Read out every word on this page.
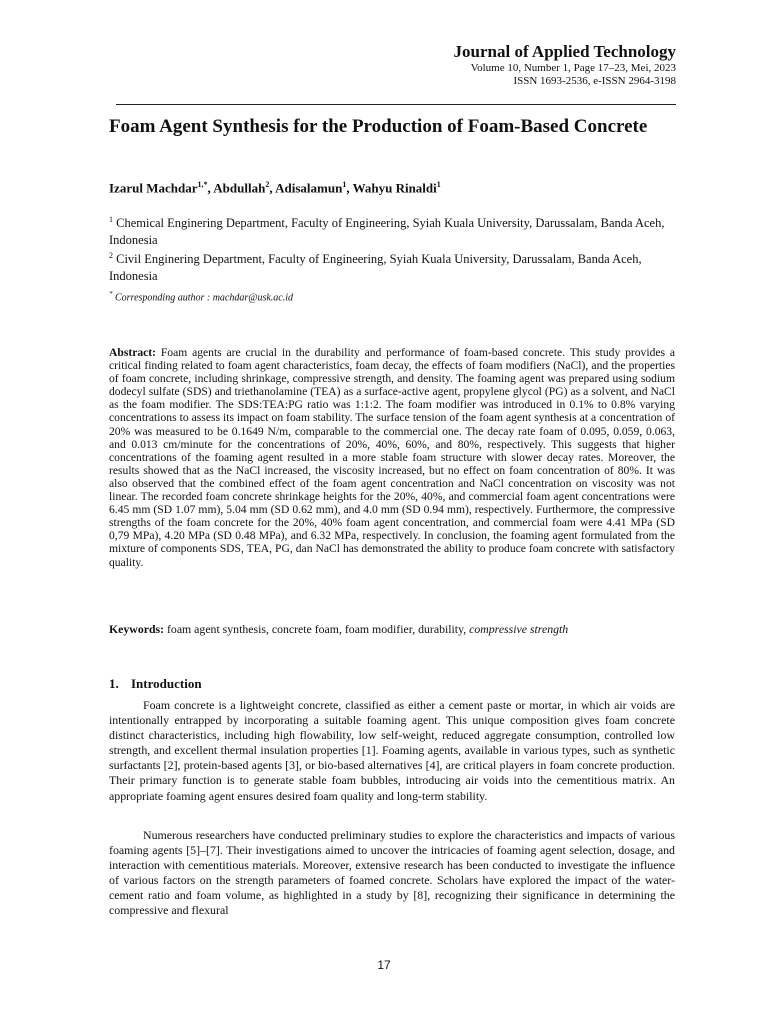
Journal of Applied Technology
Volume 10, Number 1, Page 17–23, Mei, 2023
ISSN 1693-2536, e-ISSN 2964-3198
Foam Agent Synthesis for the Production of Foam-Based Concrete
Izarul Machdar$^{1,*}$, Abdullah$^2$, Adisalamun$^1$, Wahyu Rinaldi$^1$
$^1$ Chemical Enginering Department, Faculty of Engineering, Syiah Kuala University, Darussalam, Banda Aceh, Indonesia
$^2$ Civil Enginering Department, Faculty of Engineering, Syiah Kuala University, Darussalam, Banda Aceh, Indonesia
* Corresponding author : machdar@usk.ac.id
Abstract: Foam agents are crucial in the durability and performance of foam-based concrete. This study provides a critical finding related to foam agent characteristics, foam decay, the effects of foam modifiers (NaCl), and the properties of foam concrete, including shrinkage, compressive strength, and density. The foaming agent was prepared using sodium dodecyl sulfate (SDS) and triethanolamine (TEA) as a surface-active agent, propylene glycol (PG) as a solvent, and NaCl as the foam modifier. The SDS:TEA:PG ratio was 1:1:2. The foam modifier was introduced in 0.1% to 0.8% varying concentrations to assess its impact on foam stability. The surface tension of the foam agent synthesis at a concentration of 20% was measured to be 0.1649 N/m, comparable to the commercial one. The decay rate foam of 0.095, 0.059, 0.063, and 0.013 cm/minute for the concentrations of 20%, 40%, 60%, and 80%, respectively. This suggests that higher concentrations of the foaming agent resulted in a more stable foam structure with slower decay rates. Moreover, the results showed that as the NaCl increased, the viscosity increased, but no effect on foam concentration of 80%. It was also observed that the combined effect of the foam agent concentration and NaCl concentration on viscosity was not linear. The recorded foam concrete shrinkage heights for the 20%, 40%, and commercial foam agent concentrations were 6.45 mm (SD 1.07 mm), 5.04 mm (SD 0.62 mm), and 4.0 mm (SD 0.94 mm), respectively. Furthermore, the compressive strengths of the foam concrete for the 20%, 40% foam agent concentration, and commercial foam were 4.41 MPa (SD 0,79 MPa), 4.20 MPa (SD 0.48 MPa), and 6.32 MPa, respectively. In conclusion, the foaming agent formulated from the mixture of components SDS, TEA, PG, dan NaCl has demonstrated the ability to produce foam concrete with satisfactory quality.
Keywords: foam agent synthesis, concrete foam, foam modifier, durability, compressive strength
1. Introduction

Foam concrete is a lightweight concrete, classified as either a cement paste or mortar, in which air voids are intentionally entrapped by incorporating a suitable foaming agent. This unique composition gives foam concrete distinct characteristics, including high flowability, low self-weight, reduced aggregate consumption, controlled low strength, and excellent thermal insulation properties [1]. Foaming agents, available in various types, such as synthetic surfactants [2], protein-based agents [3], or bio-based alternatives [4], are critical players in foam concrete production. Their primary function is to generate stable foam bubbles, introducing air voids into the cementitious matrix. An appropriate foaming agent ensures desired foam quality and long-term stability.

Numerous researchers have conducted preliminary studies to explore the characteristics and impacts of various foaming agents [5]–[7]. Their investigations aimed to uncover the intricacies of foaming agent selection, dosage, and interaction with cementitious materials. Moreover, extensive research has been conducted to investigate the influence of various factors on the strength parameters of foamed concrete. Scholars have explored the impact of the water-cement ratio and foam volume, as highlighted in a study by [8], recognizing their significance in determining the compressive and flexural

17
